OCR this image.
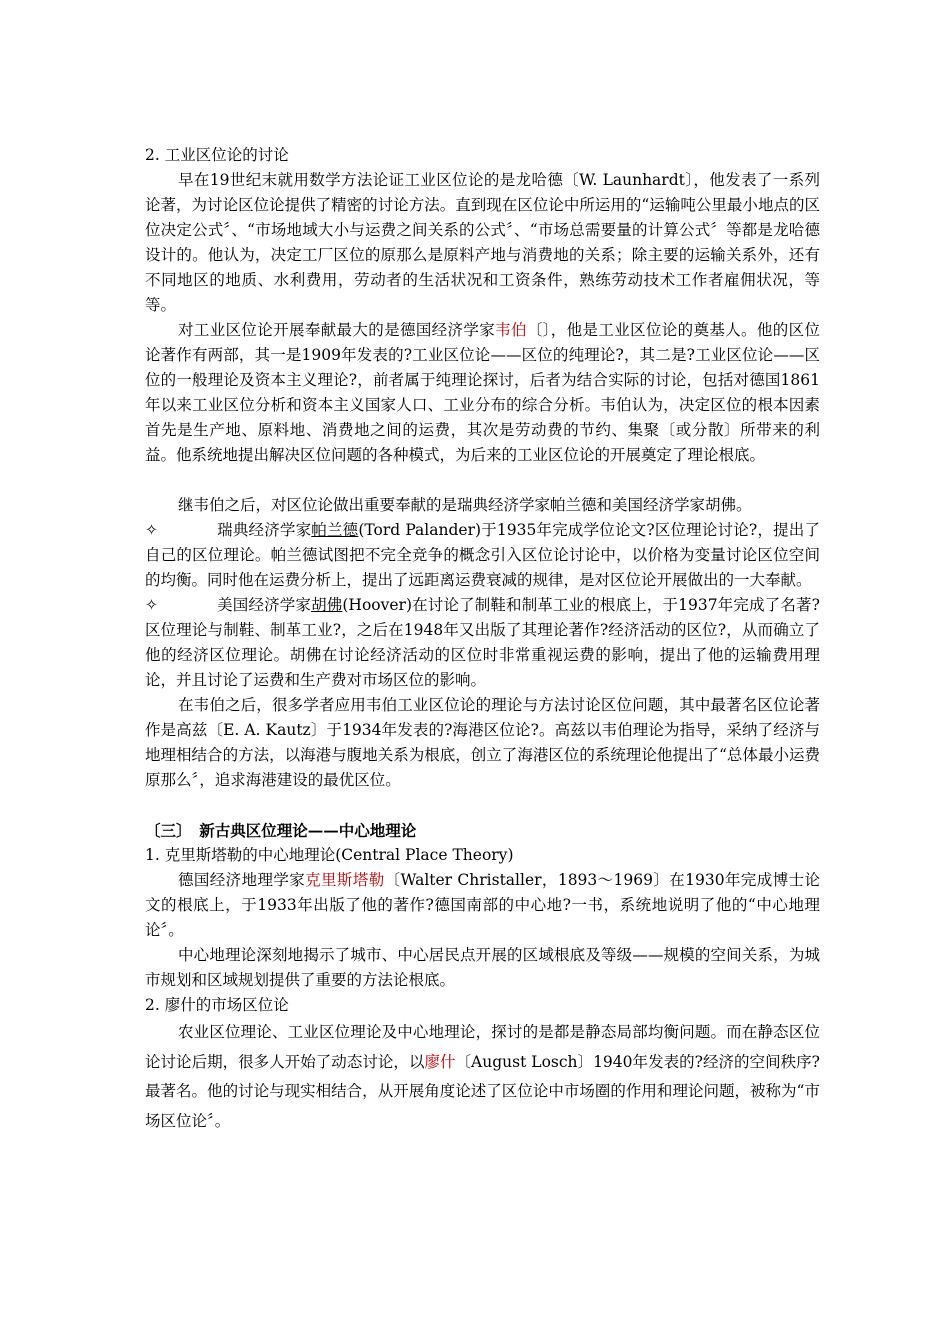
2. 工业区位论的讨论

早在19世纪末就用数学方法论证工业区位论的是龙哈德〔W. Launhardt〕，他发表了一系列论著，为讨论区位论提供了精密的讨论方法。直到现在区位论中所运用的“运输吨公里最小地点的区位决定公式〞、“市场地域大小与运费之间关系的公式〞、“市场总需要量的计算公式〞等都是龙哈德设计的。他认为，决定工厂区位的原那么是原料产地与消费地的关系；除主要的运输关系外，还有不同地区的地质、水利费用，劳动者的生活状况和工资条件，熟练劳动技术工作者雇佣状况，等等。

对工业区位论开展奉献最大的是德国经济学家韦伯〔〕，他是工业区位论的奠基人。他的区位论著作有两部，其一是1909年发表的?工业区位论——区位的纯理论?，其二是?工业区位论——区位的一般理论及资本主义理论?，前者属于纯理论探讨，后者为结合实际的讨论，包括对德国1861年以来工业区位分析和资本主义国家人口、工业分布的综合分析。韦伯认为，决定区位的根本因素首先是生产地、原料地、消费地之间的运费，其次是劳动费的节约、集聚〔或分散〕所带来的利益。他系统地提出解决区位问题的各种模式，为后来的工业区位论的开展奠定了理论根底。

继韦伯之后，对区位论做出重要奉献的是瑞典经济学家帕兰德和美国经济学家胡佛。

✧	瑞典经济学家帕兰德(Tord Palander)于1935年完成学位论文?区位理论讨论?，提出了自己的区位理论。帕兰德试图把不完全竞争的概念引入区位论讨论中，以价格为变量讨论区位空间的均衡。同时他在运费分析上，提出了远距离运费衰减的规律，是对区位论开展做出的一大奉献。

✧	美国经济学家胡佛(Hoover)在讨论了制鞋和制革工业的根底上，于1937年完成了名著?区位理论与制鞋、制革工业?，之后在1948年又出版了其理论著作?经济活动的区位?，从而确立了他的经济区位理论。胡佛在讨论经济活动的区位时非常重视运费的影响，提出了他的运输费用理论，并且讨论了运费和生产费对市场区位的影响。

在韦伯之后，很多学者应用韦伯工业区位论的理论与方法讨论区位问题，其中最著名区位论著作是高兹〔E. A. Kautz〕于1934年发表的?海港区位论?。高兹以韦伯理论为指导，采纳了经济与地理相结合的方法，以海港与腹地关系为根底，创立了海港区位的系统理论他提出了“总体最小运费原那么〞，追求海港建设的最优区位。

〔三〕　新古典区位理论——中心地理论

1. 克里斯塔勒的中心地理论(Central Place Theory)

德国经济地理学家克里斯塔勒〔Walter Christaller，1893～1969〕在1930年完成博士论文的根底上，于1933年出版了他的著作?德国南部的中心地?一书，系统地说明了他的“中心地理论〞。

中心地理论深刻地揭示了城市、中心居民点开展的区域根底及等级——规模的空间关系，为城市规划和区域规划提供了重要的方法论根底。

2. 廖什的市场区位论

农业区位理论、工业区位理论及中心地理论，探讨的是都是静态局部均衡问题。而在静态区位论讨论后期，很多人开始了动态讨论，以廖什〔August Losch〕1940年发表的?经济的空间秩序?最著名。他的讨论与现实相结合，从开展角度论述了区位论中市场圈的作用和理论问题，被称为“市场区位论〞。
